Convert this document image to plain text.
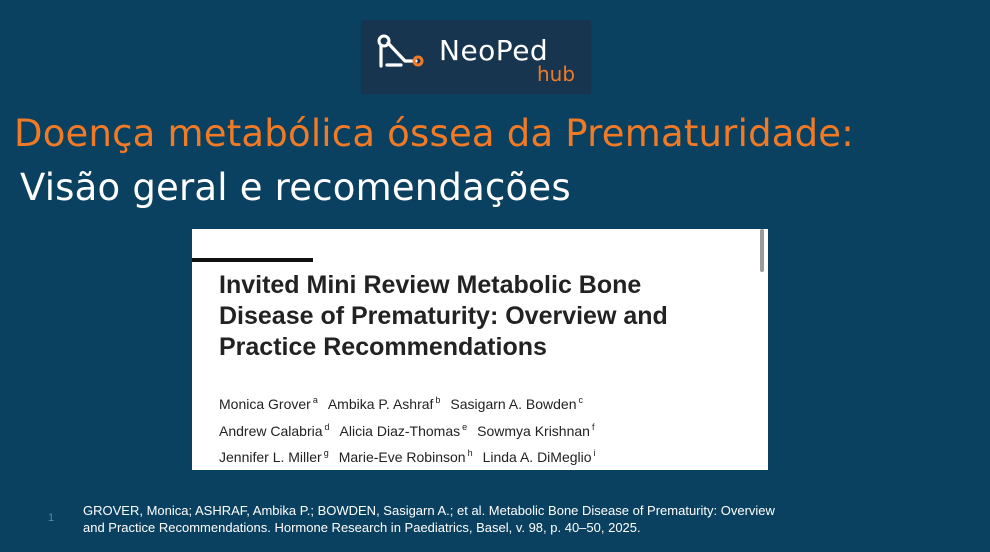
NeoPed
hub
Doença metabólica óssea da Prematuridade:
Visão geral e recomendações
Invited Mini Review Metabolic Bone
Disease of Prematurity: Overview and
Practice Recommendations
Monica Grover $^a$ Ambika P. Ashraf $^b$ Sasigarn A. Bowden $^c$
Andrew Calabria $^d$ Alicia Diaz-Thomas $^e$ Sowmya Krishnan $^f$
Jennifer L. Miller $^g$ Marie-Eve Robinson $^h$ Linda A. DiMeglio $^i$
1 GROVER, Monica; ASHRAF, Ambika P.; BOWDEN, Sasigarn A.; et al. Metabolic Bone Disease of Prematurity: Overview
and Practice Recommendations. Hormone Research in Paediatrics, Basel, v. 98, p. 40–50, 2025.
